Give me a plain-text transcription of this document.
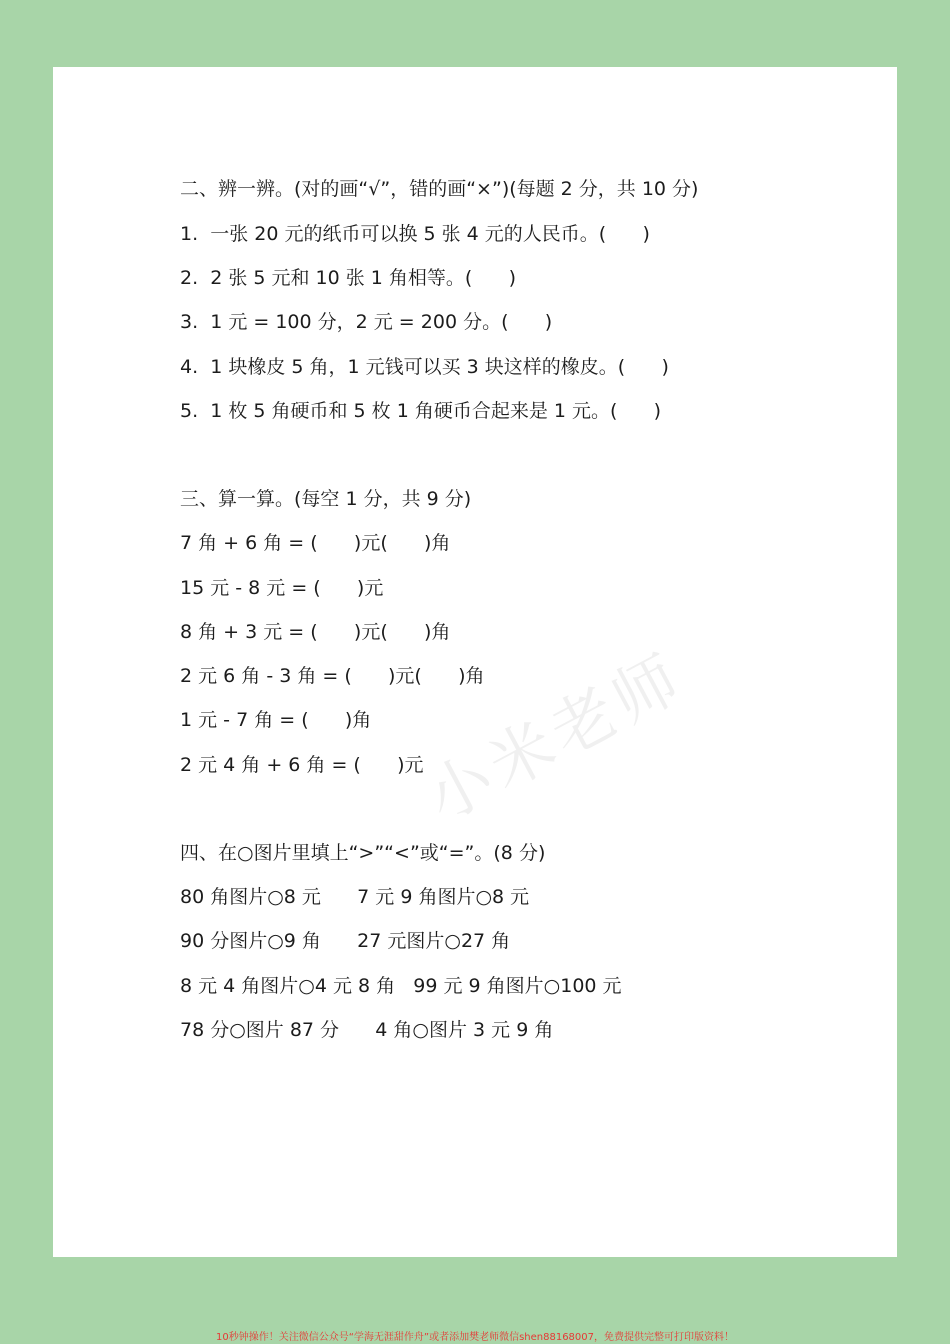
小米老师
二、辨一辨。(对的画“√”，错的画“×”)(每题 2 分，共 10 分)
1.  一张 20 元的纸币可以换 5 张 4 元的人民币。(      )
2.  2 张 5 元和 10 张 1 角相等。(      )
3.  1 元 = 100 分，2 元 = 200 分。(      )
4.  1 块橡皮 5 角，1 元钱可以买 3 块这样的橡皮。(      )
5.  1 枚 5 角硬币和 5 枚 1 角硬币合起来是 1 元。(      )
三、算一算。(每空 1 分，共 9 分)
7 角 + 6 角 = (      )元(      )角
15 元 - 8 元 = (      )元
8 角 + 3 元 = (      )元(      )角
2 元 6 角 - 3 角 = (      )元(      )角
1 元 - 7 角 = (      )角
2 元 4 角 + 6 角 = (      )元
四、在○图片里填上“>”“<”或“=”。(8 分)
80 角图片○8 元      7 元 9 角图片○8 元
90 分图片○9 角      27 元图片○27 角
8 元 4 角图片○4 元 8 角   99 元 9 角图片○100 元
78 分○图片 87 分      4 角○图片 3 元 9 角
10秒钟操作！关注微信公众号“学海无涯甜作舟”或者添加樊老师微信shen88168007，免费提供完整可打印版资料！
